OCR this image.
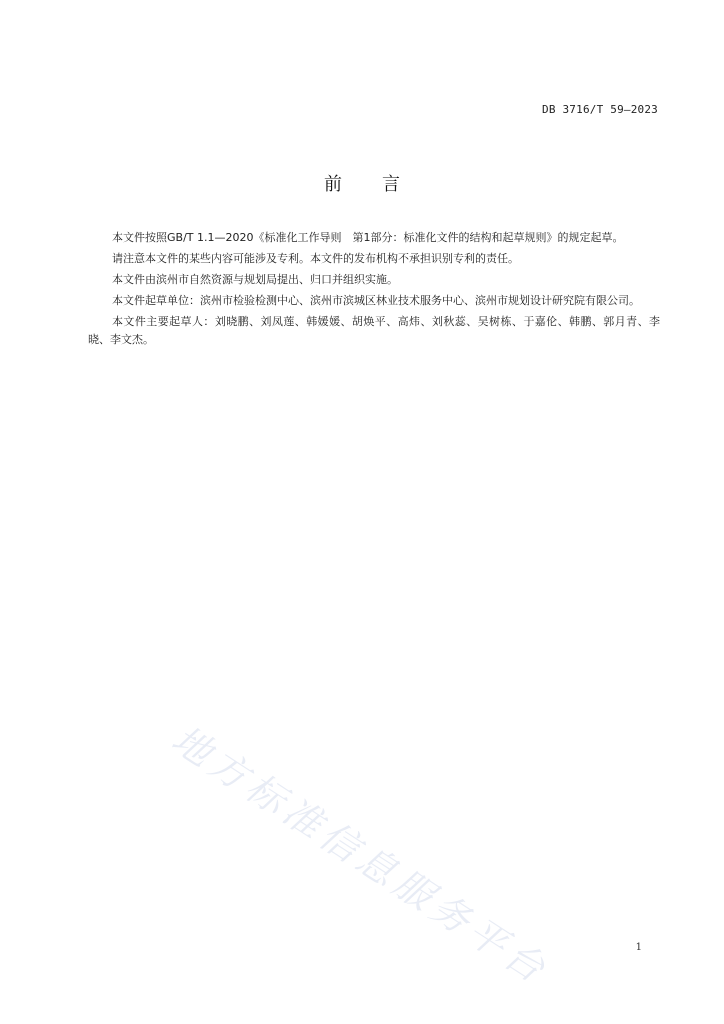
DB 3716/T 59—2023
前言

本文件按照GB/T 1.1—2020《标准化工作导则　第1部分：标准化文件的结构和起草规则》的规定起草。

请注意本文件的某些内容可能涉及专利。本文件的发布机构不承担识别专利的责任。

本文件由滨州市自然资源与规划局提出、归口并组织实施。

本文件起草单位：滨州市检验检测中心、滨州市滨城区林业技术服务中心、滨州市规划设计研究院有限公司。

本文件主要起草人：刘晓鹏、刘凤莲、韩媛媛、胡焕平、高炜、刘秋蕊、吴树栋、于嘉伦、韩鹏、郭月青、李晓、李文杰。

地方标准信息服务平台	1
